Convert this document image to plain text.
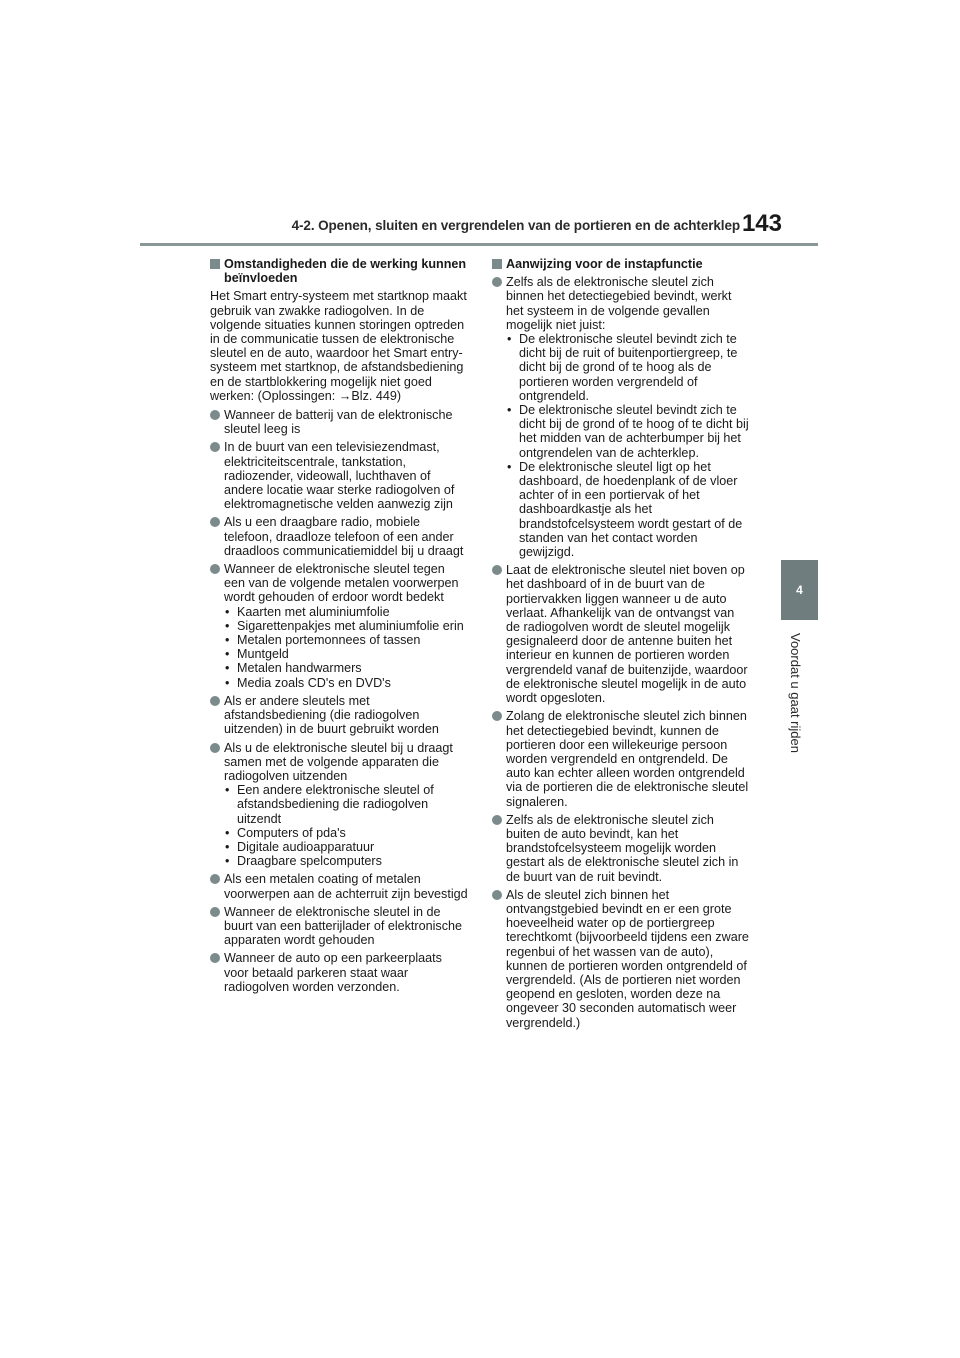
4-2. Openen, sluiten en vergrendelen van de portieren en de achterklep 143
4
Voordat u gaat rijden
Omstandigheden die de werking kunnen beïnvloeden

Het Smart entry-systeem met startknop maakt gebruik van zwakke radiogolven. In de volgende situaties kunnen storingen optreden in de communicatie tussen de elektronische sleutel en de auto, waardoor het Smart entry-systeem met startknop, de afstandsbediening en de startblokkering mogelijk niet goed werken: (Oplossingen: →Blz. 449)

Wanneer de batterij van de elektronische sleutel leeg is
In de buurt van een televisiezendmast, elektriciteitscentrale, tankstation, radiozender, videowall, luchthaven of andere locatie waar sterke radiogolven of elektromagnetische velden aanwezig zijn
Als u een draagbare radio, mobiele telefoon, draadloze telefoon of een ander draadloos communicatiemiddel bij u draagt
Wanneer de elektronische sleutel tegen een van de volgende metalen voorwerpen wordt gehouden of erdoor wordt bedekt
• Kaarten met aluminiumfolie
• Sigarettenpakjes met aluminiumfolie erin
• Metalen portemonnees of tassen
• Muntgeld
• Metalen handwarmers
• Media zoals CD's en DVD's
Als er andere sleutels met afstandsbediening (die radiogolven uitzenden) in de buurt gebruikt worden
Als u de elektronische sleutel bij u draagt samen met de volgende apparaten die radiogolven uitzenden
• Een andere elektronische sleutel of afstandsbediening die radiogolven uitzendt
• Computers of pda's
• Digitale audioapparatuur
• Draagbare spelcomputers
Als een metalen coating of metalen voorwerpen aan de achterruit zijn bevestigd
Wanneer de elektronische sleutel in de buurt van een batterijlader of elektronische apparaten wordt gehouden
Wanneer de auto op een parkeerplaats voor betaald parkeren staat waar radiogolven worden verzonden.
Aanwijzing voor de instapfunctie
Zelfs als de elektronische sleutel zich binnen het detectiegebied bevindt, werkt het systeem in de volgende gevallen mogelijk niet juist:
• De elektronische sleutel bevindt zich te dicht bij de ruit of buitenportiergreep, te dicht bij de grond of te hoog als de portieren worden vergrendeld of ontgrendeld.
• De elektronische sleutel bevindt zich te dicht bij de grond of te hoog of te dicht bij het midden van de achterbumper bij het ontgrendelen van de achterklep.
• De elektronische sleutel ligt op het dashboard, de hoedenplank of de vloer achter of in een portiervak of het dashboardkastje als het brandstofcelsysteem wordt gestart of de standen van het contact worden gewijzigd.
Laat de elektronische sleutel niet boven op het dashboard of in de buurt van de portiervakken liggen wanneer u de auto verlaat. Afhankelijk van de ontvangst van de radiogolven wordt de sleutel mogelijk gesignaleerd door de antenne buiten het interieur en kunnen de portieren worden vergrendeld vanaf de buitenzijde, waardoor de elektronische sleutel mogelijk in de auto wordt opgesloten.
Zolang de elektronische sleutel zich binnen het detectiegebied bevindt, kunnen de portieren door een willekeurige persoon worden vergrendeld en ontgrendeld. De auto kan echter alleen worden ontgrendeld via de portieren die de elektronische sleutel signaleren.
Zelfs als de elektronische sleutel zich buiten de auto bevindt, kan het brandstofcelsysteem mogelijk worden gestart als de elektronische sleutel zich in de buurt van de ruit bevindt.
Als de sleutel zich binnen het ontvangstgebied bevindt en er een grote hoeveelheid water op de portiergreep terechtkomt (bijvoorbeeld tijdens een zware regenbui of het wassen van de auto), kunnen de portieren worden ontgrendeld of vergrendeld. (Als de portieren niet worden geopend en gesloten, worden deze na ongeveer 30 seconden automatisch weer vergrendeld.)
